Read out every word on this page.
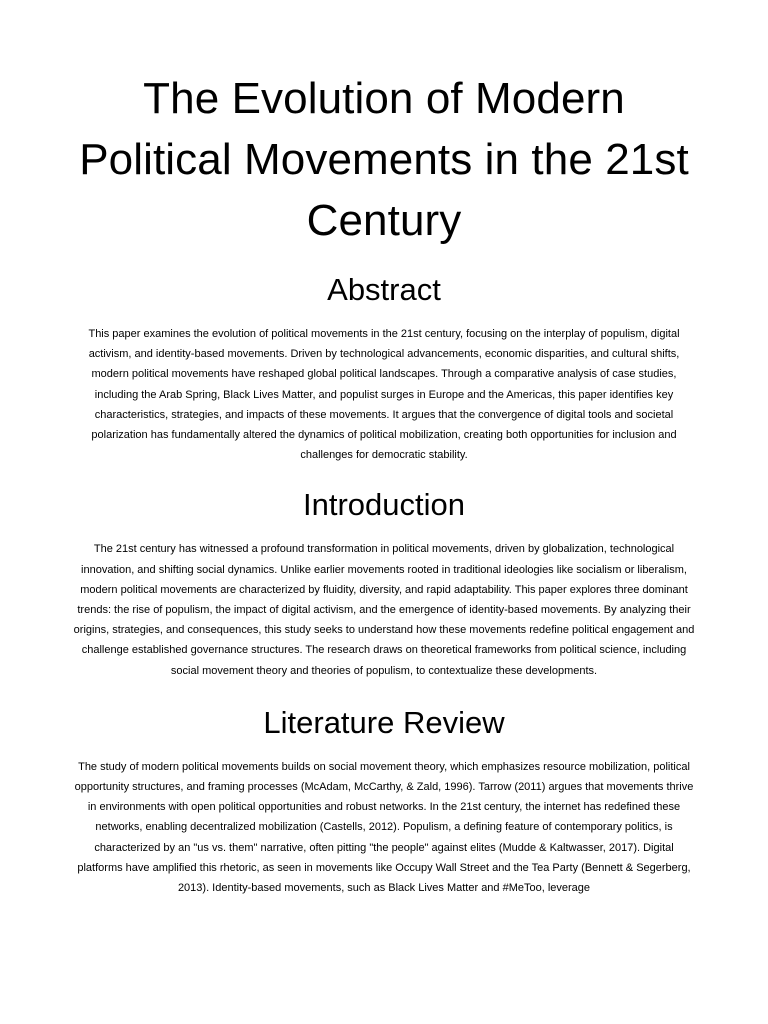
The Evolution of Modern Political Movements in the 21st Century
Abstract

This paper examines the evolution of political movements in the 21st century, focusing on the interplay of populism, digital activism, and identity-based movements. Driven by technological advancements, economic disparities, and cultural shifts, modern political movements have reshaped global political landscapes. Through a comparative analysis of case studies, including the Arab Spring, Black Lives Matter, and populist surges in Europe and the Americas, this paper identifies key characteristics, strategies, and impacts of these movements. It argues that the convergence of digital tools and societal polarization has fundamentally altered the dynamics of political mobilization, creating both opportunities for inclusion and challenges for democratic stability.

Introduction

The 21st century has witnessed a profound transformation in political movements, driven by globalization, technological innovation, and shifting social dynamics. Unlike earlier movements rooted in traditional ideologies like socialism or liberalism, modern political movements are characterized by fluidity, diversity, and rapid adaptability. This paper explores three dominant trends: the rise of populism, the impact of digital activism, and the emergence of identity-based movements. By analyzing their origins, strategies, and consequences, this study seeks to understand how these movements redefine political engagement and challenge established governance structures. The research draws on theoretical frameworks from political science, including social movement theory and theories of populism, to contextualize these developments.

Literature Review

The study of modern political movements builds on social movement theory, which emphasizes resource mobilization, political opportunity structures, and framing processes (McAdam, McCarthy, & Zald, 1996). Tarrow (2011) argues that movements thrive in environments with open political opportunities and robust networks. In the 21st century, the internet has redefined these networks, enabling decentralized mobilization (Castells, 2012). Populism, a defining feature of contemporary politics, is characterized by an "us vs. them" narrative, often pitting "the people" against elites (Mudde & Kaltwasser, 2017). Digital platforms have amplified this rhetoric, as seen in movements like Occupy Wall Street and the Tea Party (Bennett & Segerberg, 2013). Identity-based movements, such as Black Lives Matter and #MeToo, leverage
